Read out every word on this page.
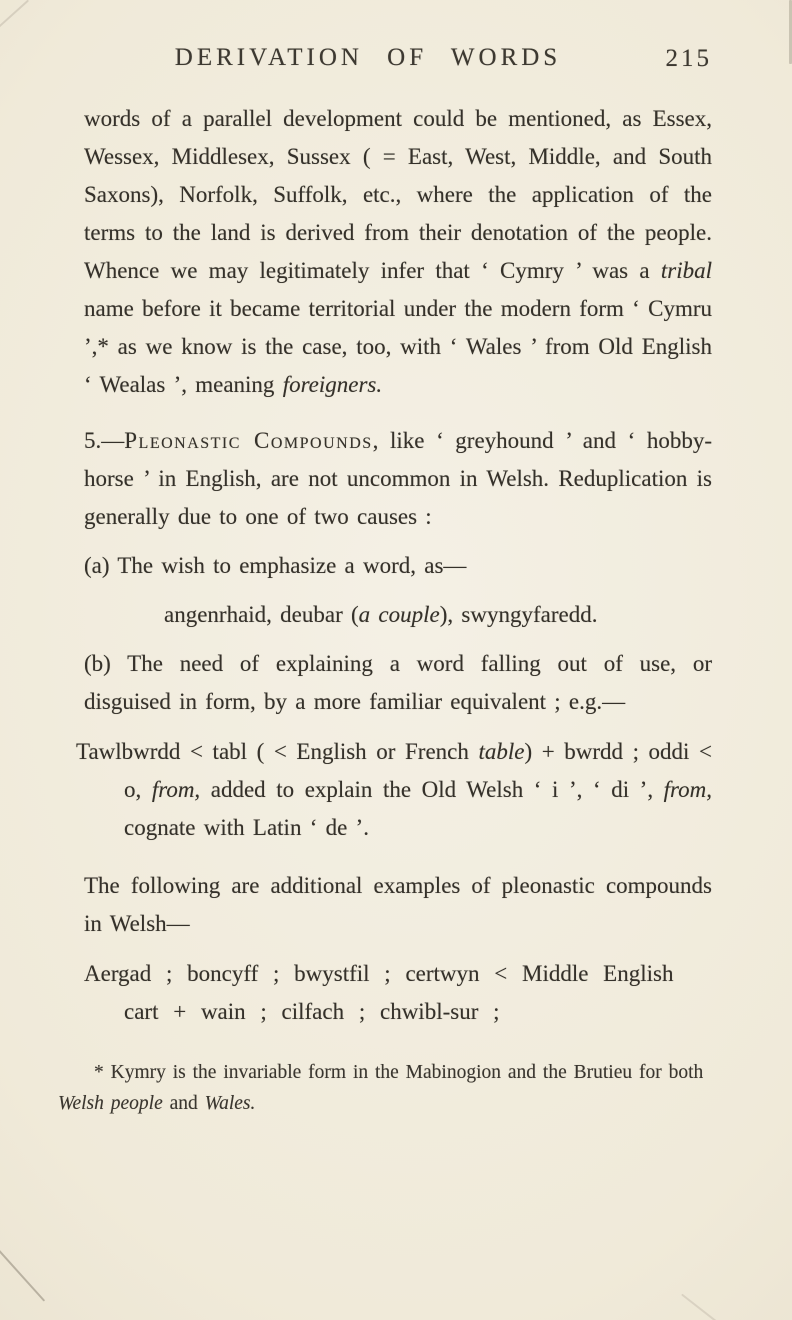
DERIVATION OF WORDS	215

words of a parallel development could be mentioned, as Essex, Wessex, Middlesex, Sussex ( = East, West, Middle, and South Saxons), Norfolk, Suffolk, etc., where the application of the terms to the land is derived from their denotation of the people. Whence we may legitimately infer that ‘ Cymry ’ was a tribal name before it became territorial under the modern form ‘ Cymru ’,* as we know is the case, too, with ‘ Wales ’ from Old English ‘ Wealas ’, meaning foreigners.

5.—Pleonastic Compounds, like ‘ greyhound ’ and ‘ hobby-horse ’ in English, are not uncommon in Welsh. Reduplication is generally due to one of two causes :

(a) The wish to emphasize a word, as—

angenrhaid, deubar (a couple), swyngyfaredd.

(b) The need of explaining a word falling out of use, or disguised in form, by a more familiar equivalent ; e.g.—

Tawlbwrdd < tabl ( < English or French table) + bwrdd ; oddi < o, from, added to explain the Old Welsh ‘ i ’, ‘ di ’, from, cognate with Latin ‘ de ’.

The following are additional examples of pleonastic compounds in Welsh—

Aergad ; boncyff ; bwystfil ; certwyn < Middle English cart + wain ; cilfach ; chwibl-sur ;

* Kymry is the invariable form in the Mabinogion and the Brutieu for both Welsh people and Wales.
